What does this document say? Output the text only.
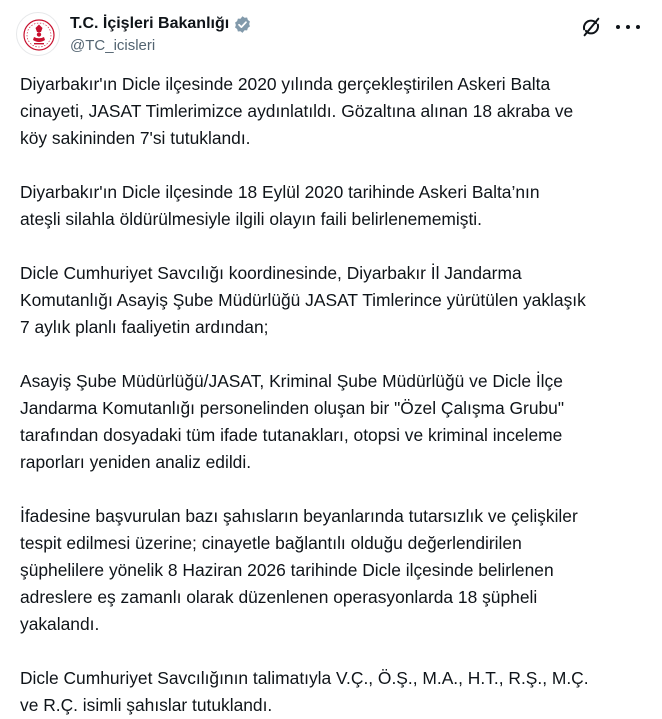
T.C. İçişleri Bakanlığı
@TC_icisleri

Diyarbakır'ın Dicle ilçesinde 2020 yılında gerçekleştirilen Askeri Balta
cinayeti, JASAT Timlerimizce aydınlatıldı. Gözaltına alınan 18 akraba ve
köy sakininden 7'si tutuklandı.

Diyarbakır'ın Dicle ilçesinde 18 Eylül 2020 tarihinde Askeri Balta’nın
ateşli silahla öldürülmesiyle ilgili olayın faili belirlenememişti.

Dicle Cumhuriyet Savcılığı koordinesinde, Diyarbakır İl Jandarma
Komutanlığı Asayiş Şube Müdürlüğü JASAT Timlerince yürütülen yaklaşık
7 aylık planlı faaliyetin ardından;

Asayiş Şube Müdürlüğü/JASAT, Kriminal Şube Müdürlüğü ve Dicle İlçe
Jandarma Komutanlığı personelinden oluşan bir "Özel Çalışma Grubu"
tarafından dosyadaki tüm ifade tutanakları, otopsi ve kriminal inceleme
raporları yeniden analiz edildi.

İfadesine başvurulan bazı şahısların beyanlarında tutarsızlık ve çelişkiler
tespit edilmesi üzerine; cinayetle bağlantılı olduğu değerlendirilen
şüphelilere yönelik 8 Haziran 2026 tarihinde Dicle ilçesinde belirlenen
adreslere eş zamanlı olarak düzenlenen operasyonlarda 18 şüpheli
yakalandı.

Dicle Cumhuriyet Savcılığının talimatıyla V.Ç., Ö.Ş., M.A., H.T., R.Ş., M.Ç.
ve R.Ç. isimli şahıslar tutuklandı.
